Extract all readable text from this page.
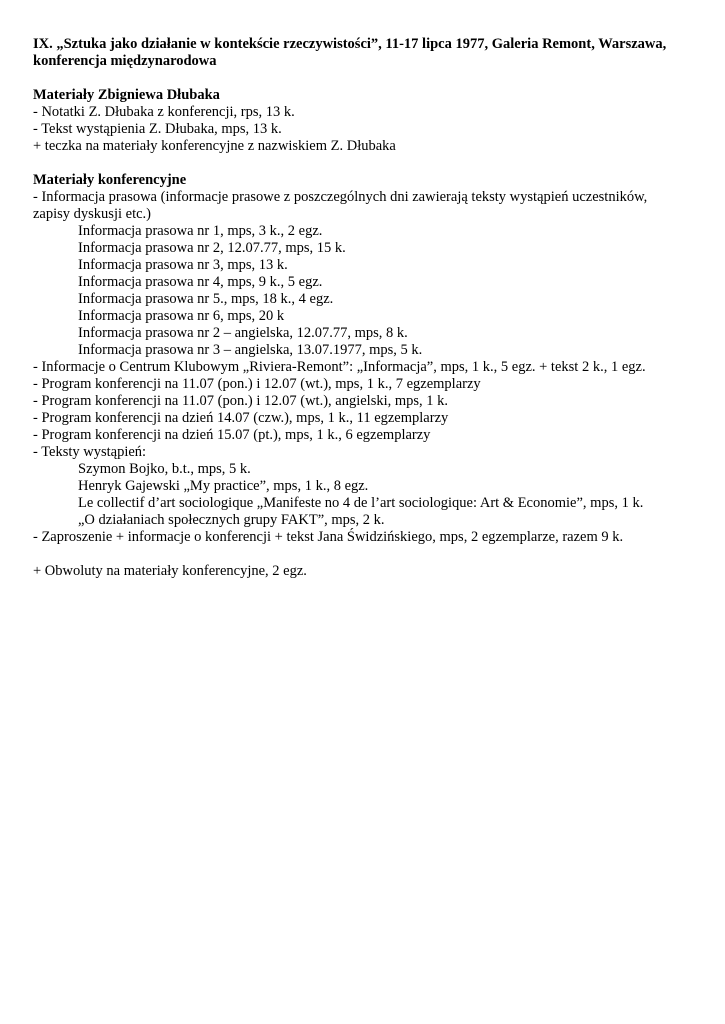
IX. „Sztuka jako działanie w kontekście rzeczywistości”, 11-17 lipca 1977, Galeria Remont, Warszawa, konferencja międzynarodowa

Materiały Zbigniewa Dłubaka

- Notatki Z. Dłubaka z konferencji, rps, 13 k.

- Tekst wystąpienia Z. Dłubaka, mps, 13 k.

+ teczka na materiały konferencyjne z nazwiskiem Z. Dłubaka

Materiały konferencyjne

- Informacja prasowa (informacje prasowe z poszczególnych dni zawierają teksty wystąpień uczestników, zapisy dyskusji etc.)

Informacja prasowa nr 1, mps, 3 k., 2 egz.

Informacja prasowa nr 2, 12.07.77, mps, 15 k.

Informacja prasowa nr 3, mps, 13 k.

Informacja prasowa nr 4, mps, 9 k., 5 egz.

Informacja prasowa nr 5., mps, 18 k., 4 egz.

Informacja prasowa nr 6, mps, 20 k

Informacja prasowa nr 2 – angielska, 12.07.77, mps, 8 k.

Informacja prasowa nr 3 – angielska, 13.07.1977, mps, 5 k.

- Informacje o Centrum Klubowym „Riviera-Remont”: „Informacja”, mps, 1 k., 5 egz. + tekst 2 k., 1 egz.

- Program konferencji na 11.07 (pon.) i 12.07 (wt.), mps, 1 k., 7 egzemplarzy

- Program konferencji na 11.07 (pon.) i 12.07 (wt.), angielski, mps, 1 k.

- Program konferencji na dzień 14.07 (czw.), mps, 1 k., 11 egzemplarzy

- Program konferencji na dzień 15.07 (pt.), mps, 1 k., 6 egzemplarzy

- Teksty wystąpień:

Szymon Bojko, b.t., mps, 5 k.

Henryk Gajewski „My practice”, mps, 1 k., 8 egz.

Le collectif d’art sociologique „Manifeste no 4 de l’art sociologique: Art & Economie”, mps, 1 k.

„O działaniach społecznych grupy FAKT”, mps, 2 k.

- Zaproszenie + informacje o konferencji + tekst Jana Świdzińskiego, mps, 2 egzemplarze, razem 9 k.

+ Obwoluty na materiały konferencyjne, 2 egz.
